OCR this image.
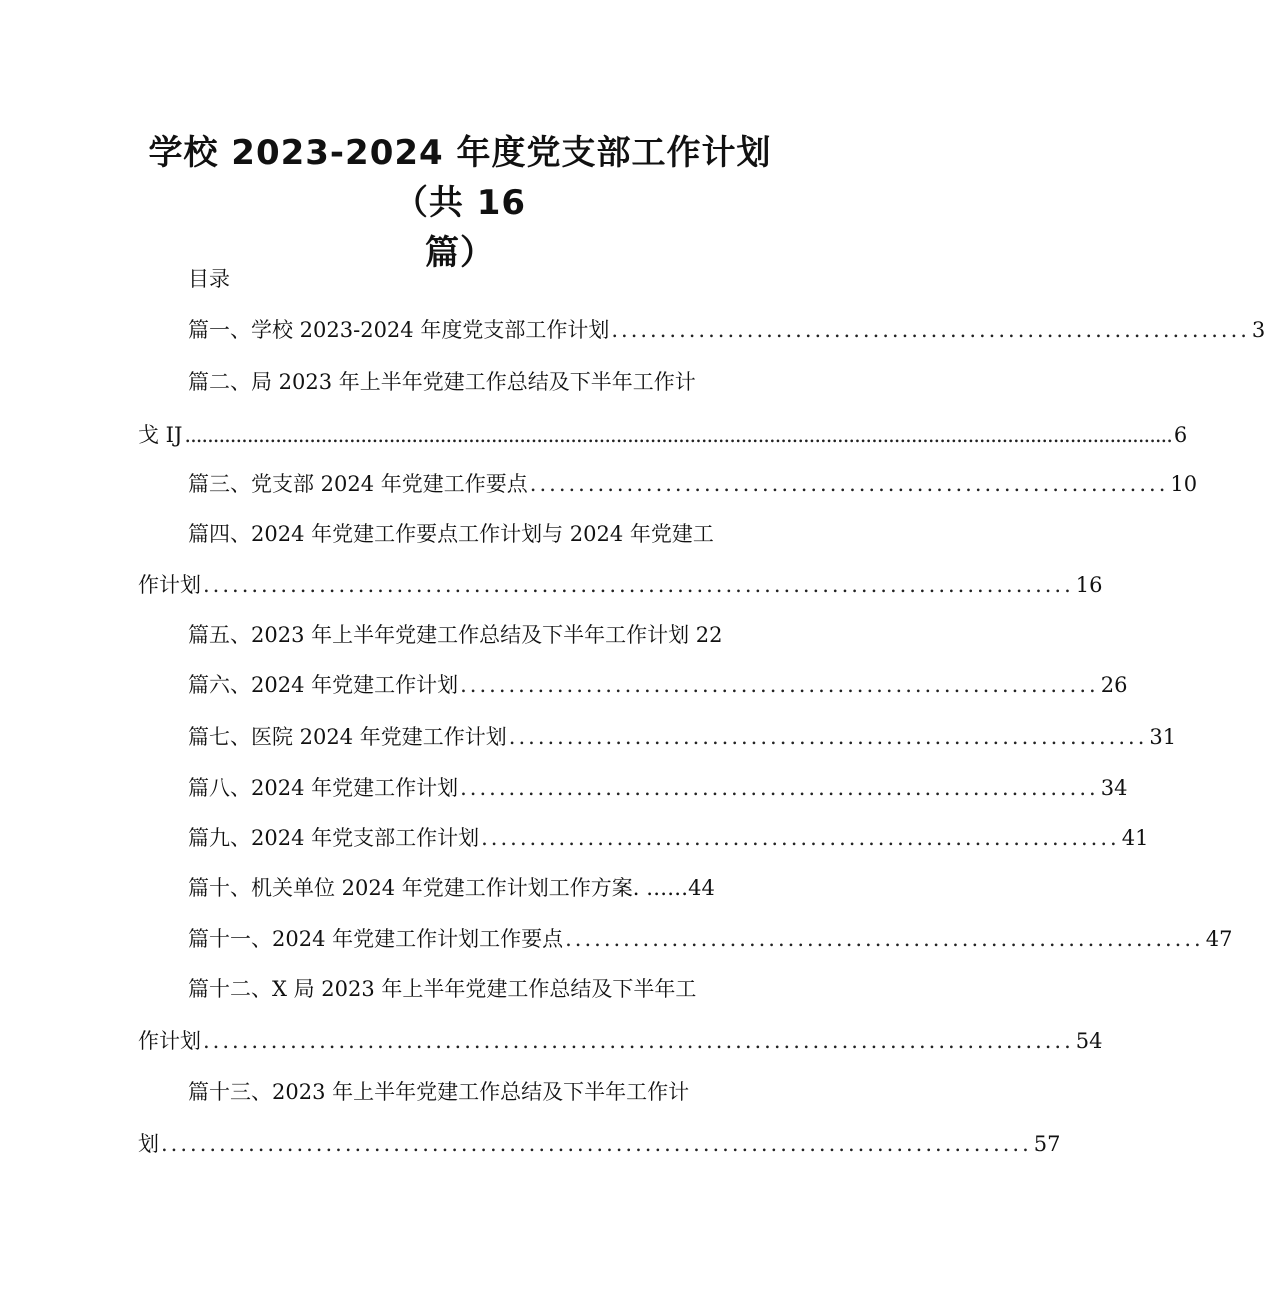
学校 2023-2024 年度党支部工作计划（共 16
篇）
目录
篇一、学校 2023-2024 年度党支部工作计划 .................................................................. 3
篇二、局 2023 年上半年党建工作总结及下半年工作计
戈 IJ .............................................................................................................................................................................. 6
篇三、党支部 2024 年党建工作要点 .................................................................. 10
篇四、2024 年党建工作要点工作计划与 2024 年党建工
作计划 .......................................................................................... 16
篇五、2023 年上半年党建工作总结及下半年工作计划 22
篇六、2024 年党建工作计划 .................................................................. 26
篇七、医院 2024 年党建工作计划 .................................................................. 31
篇八、2024 年党建工作计划 .................................................................. 34
篇九、2024 年党支部工作计划 .................................................................. 41
篇十、机关单位 2024 年党建工作计划工作方案. ……44
篇十一、2024 年党建工作计划工作要点 .................................................................. 47
篇十二、X 局 2023 年上半年党建工作总结及下半年工
作计划 .......................................................................................... 54
篇十三、2023 年上半年党建工作总结及下半年工作计
划 .......................................................................................... 57
